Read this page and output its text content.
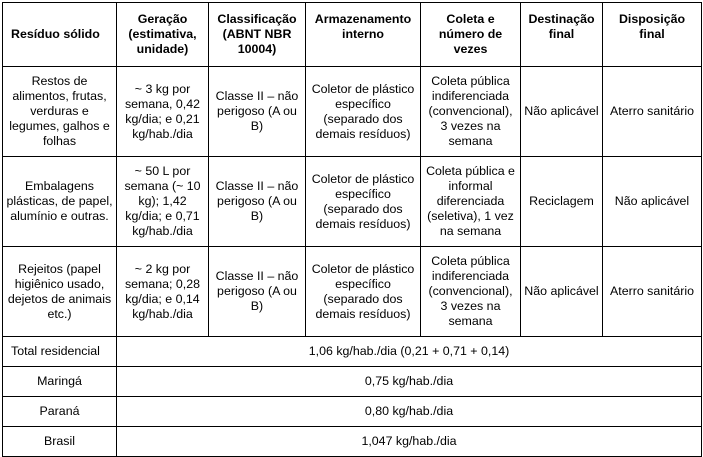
Resíduo sólido	Geração (estimativa, unidade)	Classificação (ABNT NBR 10004)	Armazenamento interno	Coleta e número de vezes	Destinação final	Disposição final
Restos de alimentos, frutas, verduras e legumes, galhos e folhas	~ 3 kg por semana, 0,42 kg/dia; e 0,21 kg/hab./dia	Classe II – não perigoso (A ou B)	Coletor de plástico específico (separado dos demais resíduos)	Coleta pública indiferenciada (convencional), 3 vezes na semana	Não aplicável	Aterro sanitário
Embalagens plásticas, de papel, alumínio e outras.	~ 50 L por semana (~ 10 kg); 1,42 kg/dia; e 0,71 kg/hab./dia	Classe II – não perigoso (A ou B)	Coletor de plástico específico (separado dos demais resíduos)	Coleta pública e informal diferenciada (seletiva), 1 vez na semana	Reciclagem	Não aplicável
Rejeitos (papel higiênico usado, dejetos de animais etc.)	~ 2 kg por semana; 0,28 kg/dia; e 0,14 kg/hab./dia	Classe II – não perigoso (A ou B)	Coletor de plástico específico (separado dos demais resíduos)	Coleta pública indiferenciada (convencional), 3 vezes na semana	Não aplicável	Aterro sanitário
Total residencial	1,06 kg/hab./dia (0,21 + 0,71 + 0,14)					
Maringá	0,75 kg/hab./dia					
Paraná	0,80 kg/hab./dia					
Brasil	1,047 kg/hab./dia					
